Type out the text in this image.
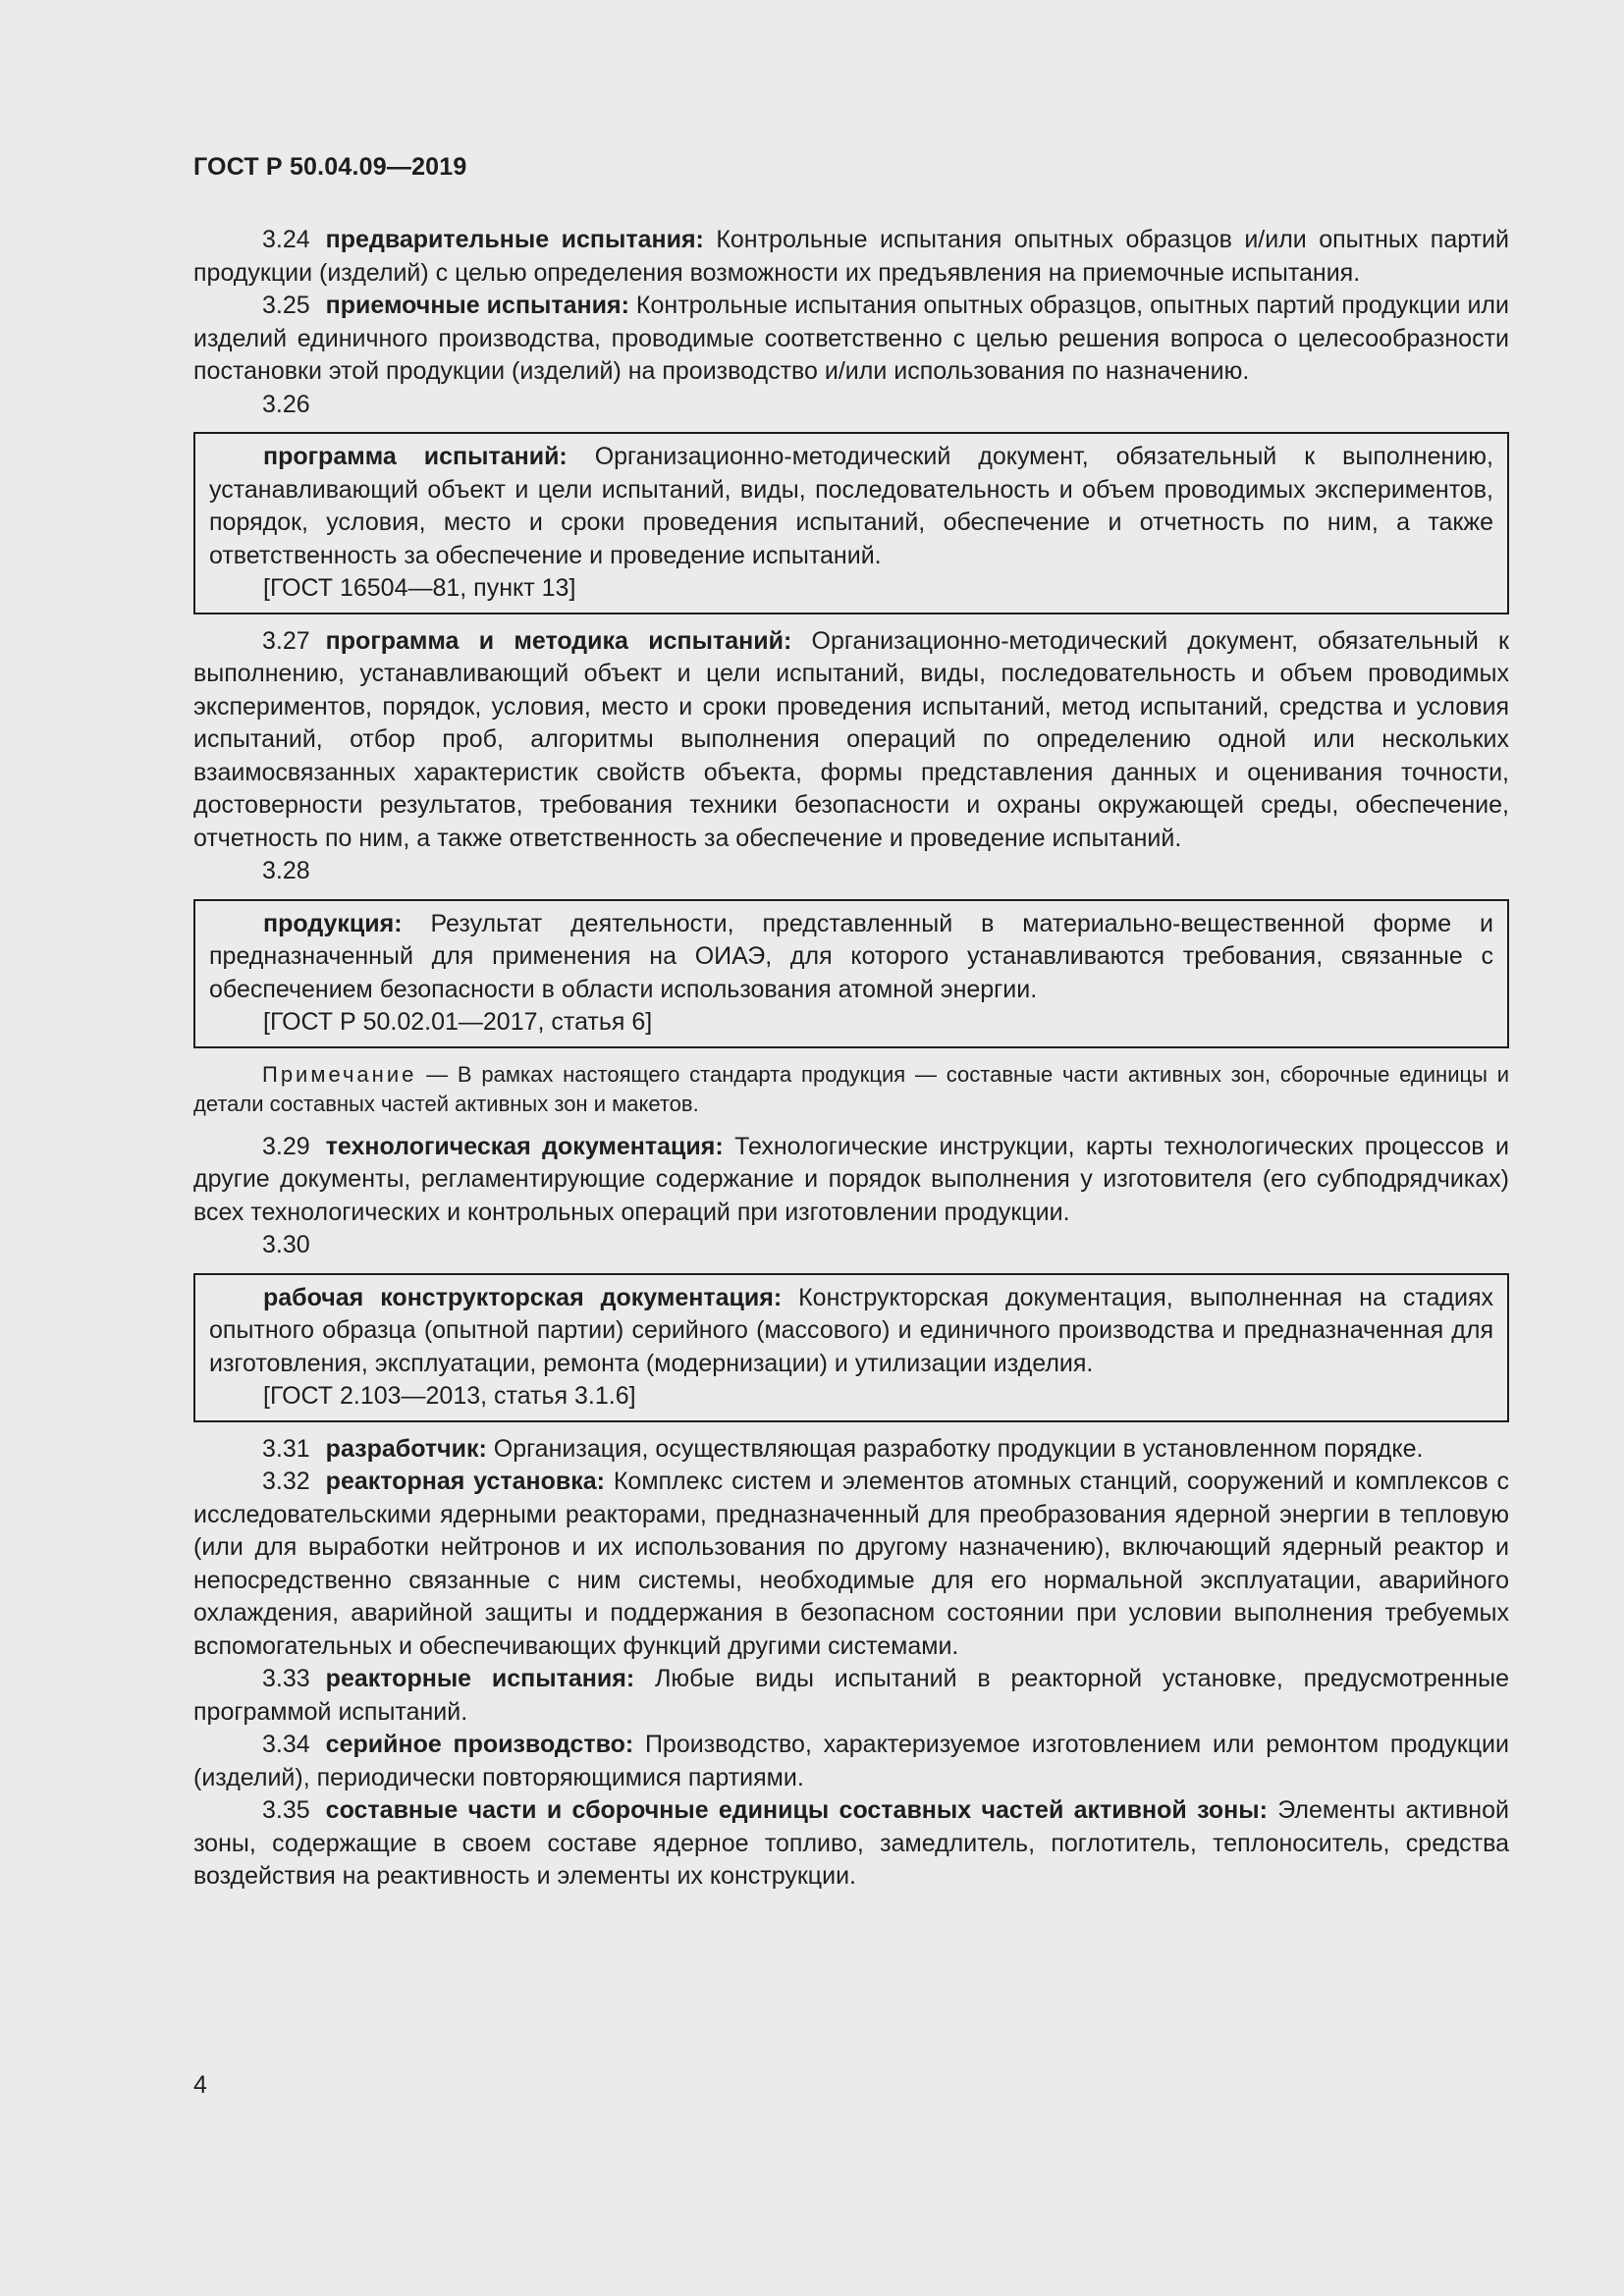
ГОСТ Р 50.04.09—2019

3.24 предварительные испытания: Контрольные испытания опытных образцов и/или опытных партий продукции (изделий) с целью определения возможности их предъявления на приемочные испытания.

3.25 приемочные испытания: Контрольные испытания опытных образцов, опытных партий продукции или изделий единичного производства, проводимые соответственно с целью решения вопроса о целесообразности постановки этой продукции (изделий) на производство и/или использования по назначению.

3.26

программа испытаний: Организационно-методический документ, обязательный к выполнению, устанавливающий объект и цели испытаний, виды, последовательность и объем проводимых экспериментов, порядок, условия, место и сроки проведения испытаний, обеспечение и отчетность по ним, а также ответственность за обеспечение и проведение испытаний.

[ГОСТ 16504—81, пункт 13]

3.27 программа и методика испытаний: Организационно-методический документ, обязательный к выполнению, устанавливающий объект и цели испытаний, виды, последовательность и объем проводимых экспериментов, порядок, условия, место и сроки проведения испытаний, метод испытаний, средства и условия испытаний, отбор проб, алгоритмы выполнения операций по определению одной или нескольких взаимосвязанных характеристик свойств объекта, формы представления данных и оценивания точности, достоверности результатов, требования техники безопасности и охраны окружающей среды, обеспечение, отчетность по ним, а также ответственность за обеспечение и проведение испытаний.

3.28

продукция: Результат деятельности, представленный в материально-вещественной форме и предназначенный для применения на ОИАЭ, для которого устанавливаются требования, связанные с обеспечением безопасности в области использования атомной энергии.

[ГОСТ Р 50.02.01—2017, статья 6]

Примечание — В рамках настоящего стандарта продукция — составные части активных зон, сборочные единицы и детали составных частей активных зон и макетов.

3.29 технологическая документация: Технологические инструкции, карты технологических процессов и другие документы, регламентирующие содержание и порядок выполнения у изготовителя (его субподрядчиках) всех технологических и контрольных операций при изготовлении продукции.

3.30

рабочая конструкторская документация: Конструкторская документация, выполненная на стадиях опытного образца (опытной партии) серийного (массового) и единичного производства и предназначенная для изготовления, эксплуатации, ремонта (модернизации) и утилизации изделия.

[ГОСТ 2.103—2013, статья 3.1.6]

3.31 разработчик: Организация, осуществляющая разработку продукции в установленном порядке.

3.32 реакторная установка: Комплекс систем и элементов атомных станций, сооружений и комплексов с исследовательскими ядерными реакторами, предназначенный для преобразования ядерной энергии в тепловую (или для выработки нейтронов и их использования по другому назначению), включающий ядерный реактор и непосредственно связанные с ним системы, необходимые для его нормальной эксплуатации, аварийного охлаждения, аварийной защиты и поддержания в безопасном состоянии при условии выполнения требуемых вспомогательных и обеспечивающих функций другими системами.

3.33 реакторные испытания: Любые виды испытаний в реакторной установке, предусмотренные программой испытаний.

3.34 серийное производство: Производство, характеризуемое изготовлением или ремонтом продукции (изделий), периодически повторяющимися партиями.

3.35 составные части и сборочные единицы составных частей активной зоны: Элементы активной зоны, содержащие в своем составе ядерное топливо, замедлитель, поглотитель, теплоноситель, средства воздействия на реактивность и элементы их конструкции.

4
